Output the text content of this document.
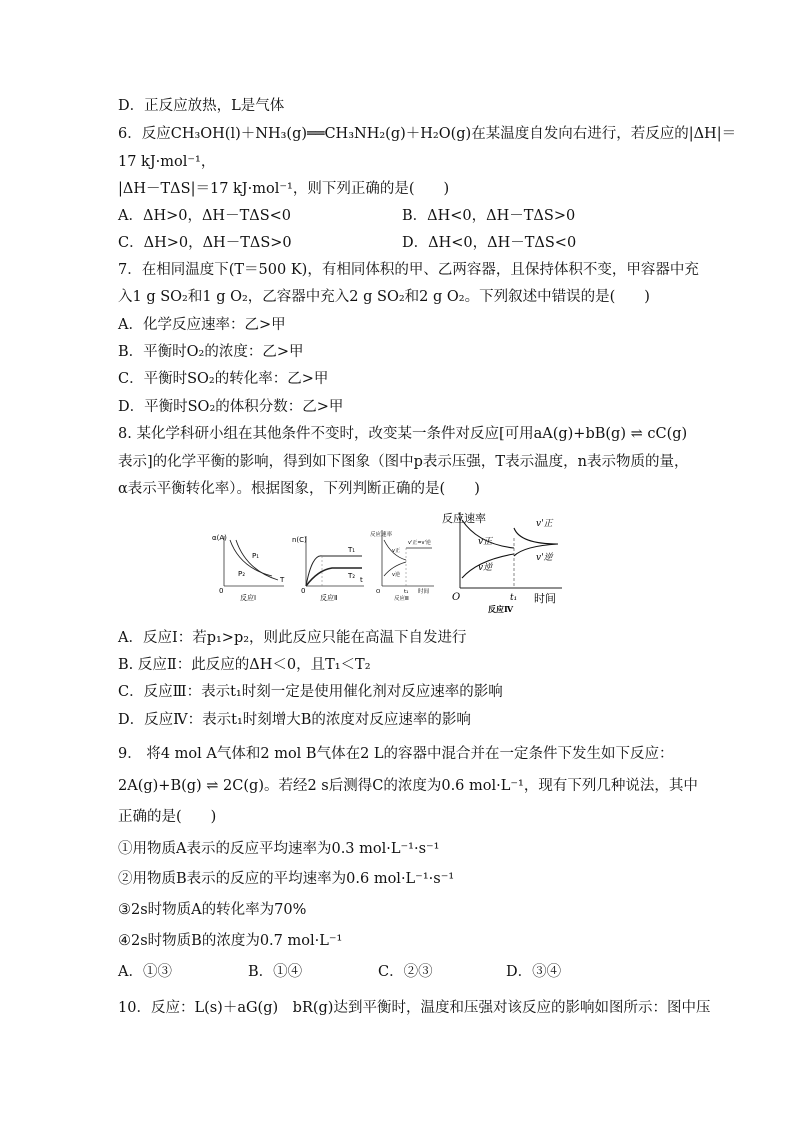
D．正反应放热，L是气体
6．反应CH₃OH(l)＋NH₃(g)══CH₃NH₂(g)＋H₂O(g)在某温度自发向右进行，若反应的|ΔH|＝
17 kJ·mol⁻¹，
|ΔH－TΔS|＝17 kJ·mol⁻¹，则下列正确的是(　　)
A．ΔH>0，ΔH－TΔS<0	B．ΔH<0，ΔH－TΔS>0
C．ΔH>0，ΔH－TΔS>0	D．ΔH<0，ΔH－TΔS<0
7．在相同温度下(T＝500 K)，有相同体积的甲、乙两容器，且保持体积不变，甲容器中充
入1 g SO₂和1 g O₂，乙容器中充入2 g SO₂和2 g O₂。下列叙述中错误的是(　　)
A．化学反应速率：乙>甲
B．平衡时O₂的浓度：乙>甲
C．平衡时SO₂的转化率：乙>甲
D．平衡时SO₂的体积分数：乙>甲
8. 某化学科研小组在其他条件不变时，改变某一条件对反应[可用aA(g)+bB(g) ⇌ cC(g)
表示]的化学平衡的影响，得到如下图象（图中p表示压强，T表示温度，n表示物质的量，
α表示平衡转化率）。根据图象，下列判断正确的是(　　)
α(A)
P₁
P₂
T
0
反应Ⅰ
n(C)
T₁
T₂ t
0
反应Ⅱ
反应速率
v正
v逆
v'正=v'逆
t₁ 时间
O
反应Ⅲ
反应速率
v正
v逆
v'正
v'逆
t₁ 时间
O
反应Ⅳ
A．反应Ⅰ：若p₁>p₂，则此反应只能在高温下自发进行
B. 反应Ⅱ：此反应的ΔH＜0，且T₁＜T₂
C．反应Ⅲ：表示t₁时刻一定是使用催化剂对反应速率的影响
D．反应Ⅳ：表示t₁时刻增大B的浓度对反应速率的影响
9． 将4 mol A气体和2 mol B气体在2 L的容器中混合并在一定条件下发生如下反应：
2A(g)+B(g) ⇌ 2C(g)。若经2 s后测得C的浓度为0.6 mol·L⁻¹，现有下列几种说法，其中
正确的是(　　)
①用物质A表示的反应平均速率为0.3 mol·L⁻¹·s⁻¹
②用物质B表示的反应的平均速率为0.6 mol·L⁻¹·s⁻¹
③2s时物质A的转化率为70%
④2s时物质B的浓度为0.7 mol·L⁻¹
A．①③	B．①④	C．②③	D．③④
10．反应：L(s)＋aG(g)　bR(g)达到平衡时，温度和压强对该反应的影响如图所示：图中压
